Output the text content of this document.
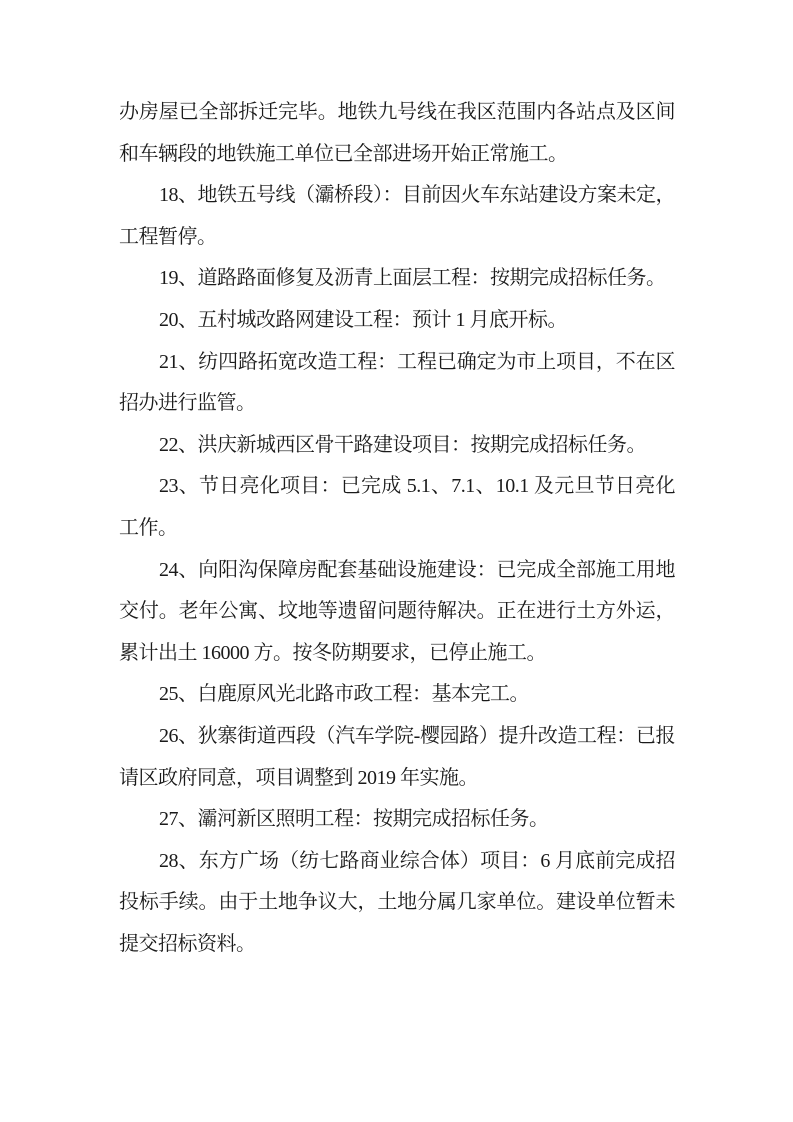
办房屋已全部拆迁完毕。地铁九号线在我区范围内各站点及区间和车辆段的地铁施工单位已全部进场开始正常施工。

18、地铁五号线（灞桥段）：目前因火车东站建设方案未定，工程暂停。

19、道路路面修复及沥青上面层工程：按期完成招标任务。

20、五村城改路网建设工程：预计 1 月底开标。

21、纺四路拓宽改造工程：工程已确定为市上项目，不在区招办进行监管。

22、洪庆新城西区骨干路建设项目：按期完成招标任务。

23、节日亮化项目：已完成 5.1、7.1、10.1 及元旦节日亮化工作。

24、向阳沟保障房配套基础设施建设：已完成全部施工用地交付。老年公寓、坟地等遗留问题待解决。正在进行土方外运，累计出土 16000 方。按冬防期要求，已停止施工。

25、白鹿原风光北路市政工程：基本完工。

26、狄寨街道西段（汽车学院-樱园路）提升改造工程：已报请区政府同意，项目调整到 2019 年实施。

27、灞河新区照明工程：按期完成招标任务。

28、东方广场（纺七路商业综合体）项目：6 月底前完成招投标手续。由于土地争议大，土地分属几家单位。建设单位暂未提交招标资料。
